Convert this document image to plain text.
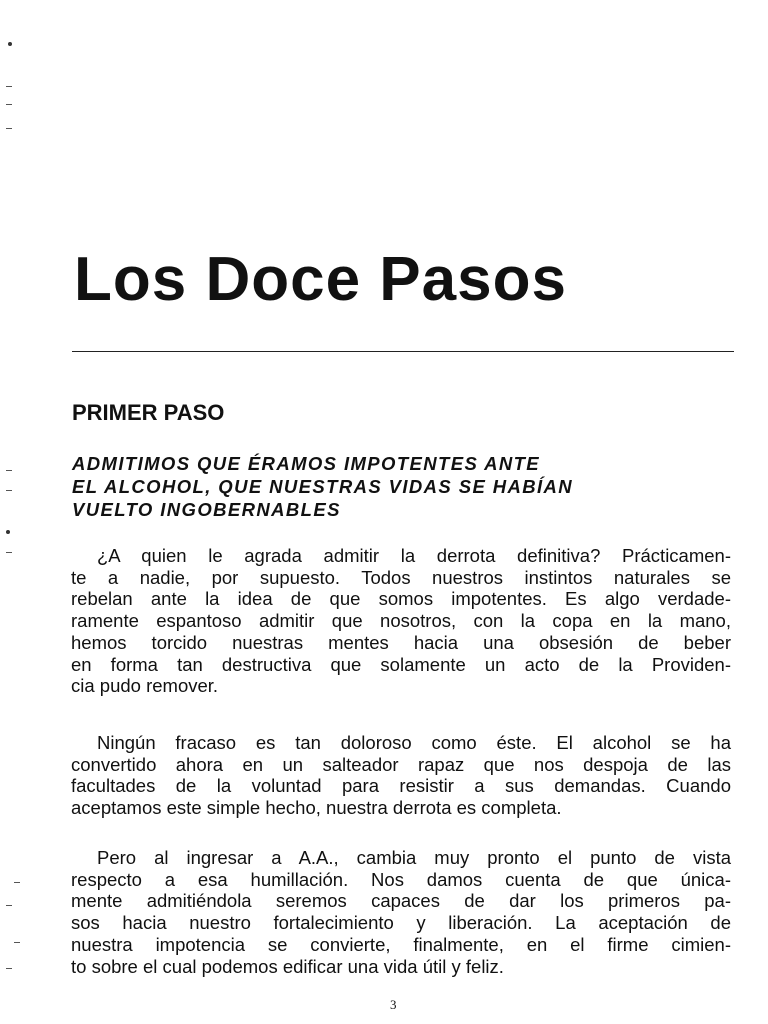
Los Doce Pasos
PRIMER PASO
ADMITIMOS QUE ÉRAMOS IMPOTENTES ANTE
EL ALCOHOL, QUE NUESTRAS VIDAS SE HABÍAN
VUELTO INGOBERNABLES
¿A quien le agrada admitir la derrota definitiva? Prácticamen-
te a nadie, por supuesto. Todos nuestros instintos naturales se
rebelan ante la idea de que somos impotentes. Es algo verdade-
ramente espantoso admitir que nosotros, con la copa en la mano,
hemos torcido nuestras mentes hacia una obsesión de beber
en forma tan destructiva que solamente un acto de la Providen-
cia pudo remover.
Ningún fracaso es tan doloroso como éste. El alcohol se ha
convertido ahora en un salteador rapaz que nos despoja de las
facultades de la voluntad para resistir a sus demandas. Cuando
aceptamos este simple hecho, nuestra derrota es completa.
Pero al ingresar a A.A., cambia muy pronto el punto de vista
respecto a esa humillación. Nos damos cuenta de que única-
mente admitiéndola seremos capaces de dar los primeros pa-
sos hacia nuestro fortalecimiento y liberación. La aceptación de
nuestra impotencia se convierte, finalmente, en el firme cimien-
to sobre el cual podemos edificar una vida útil y feliz.
3
